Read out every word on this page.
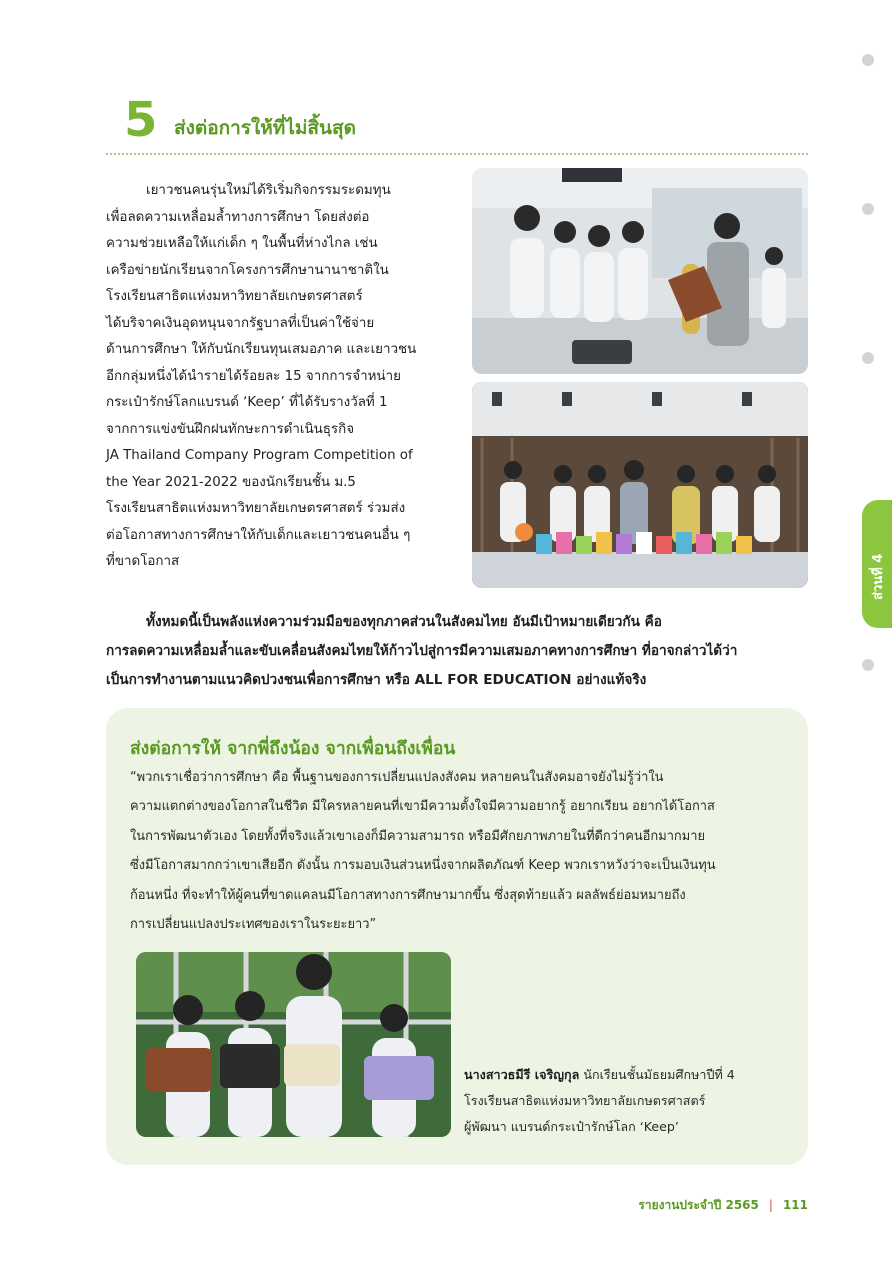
ส่วนที่ 4
5 ส่งต่อการให้ที่ไม่สิ้นสุด
เยาวชนคนรุ่นใหม่ได้ริเริ่มกิจกรรมระดมทุน
เพื่อลดความเหลื่อมล้ำทางการศึกษา โดยส่งต่อ
ความช่วยเหลือให้แก่เด็ก ๆ ในพื้นที่ห่างไกล เช่น
เครือข่ายนักเรียนจากโครงการศึกษานานาชาติใน
โรงเรียนสาธิตแห่งมหาวิทยาลัยเกษตรศาสตร์
ได้บริจาคเงินอุดหนุนจากรัฐบาลที่เป็นค่าใช้จ่าย
ด้านการศึกษา ให้กับนักเรียนทุนเสมอภาค และเยาวชน
อีกกลุ่มหนึ่งได้นำรายได้ร้อยละ 15 จากการจำหน่าย
กระเป๋ารักษ์โลกแบรนด์ ‘Keep’ ที่ได้รับรางวัลที่ 1
จากการแข่งขันฝึกฝนทักษะการดำเนินธุรกิจ
JA Thailand Company Program Competition of
the Year 2021-2022 ของนักเรียนชั้น ม.5
โรงเรียนสาธิตแห่งมหาวิทยาลัยเกษตรศาสตร์ ร่วมส่ง
ต่อโอกาสทางการศึกษาให้กับเด็กและเยาวชนคนอื่น ๆ
ที่ขาดโอกาส
ทั้งหมดนี้เป็นพลังแห่งความร่วมมือของทุกภาคส่วนในสังคมไทย อันมีเป้าหมายเดียวกัน คือ
การลดความเหลื่อมล้ำและขับเคลื่อนสังคมไทยให้ก้าวไปสู่การมีความเสมอภาคทางการศึกษา ที่อาจกล่าวได้ว่า
เป็นการทำงานตามแนวคิดปวงชนเพื่อการศึกษา หรือ ALL FOR EDUCATION อย่างแท้จริง
ส่งต่อการให้ จากพี่ถึงน้อง จากเพื่อนถึงเพื่อน
“พวกเราเชื่อว่าการศึกษา คือ พื้นฐานของการเปลี่ยนแปลงสังคม หลายคนในสังคมอาจยังไม่รู้ว่าใน
ความแตกต่างของโอกาสในชีวิต มีใครหลายคนที่เขามีความตั้งใจมีความอยากรู้ อยากเรียน อยากได้โอกาส
ในการพัฒนาตัวเอง โดยทั้งที่จริงแล้วเขาเองก็มีความสามารถ หรือมีศักยภาพภายในที่ดีกว่าคนอีกมากมาย
ซึ่งมีโอกาสมากกว่าเขาเสียอีก ดังนั้น การมอบเงินส่วนหนึ่งจากผลิตภัณฑ์ Keep พวกเราหวังว่าจะเป็นเงินทุน
ก้อนหนึ่ง ที่จะทำให้ผู้คนที่ขาดแคลนมีโอกาสทางการศึกษามากขึ้น ซึ่งสุดท้ายแล้ว ผลลัพธ์ย่อมหมายถึง
การเปลี่ยนแปลงประเทศของเราในระยะยาว”
นางสาวธมีรี เจริญกุล นักเรียนชั้นมัธยมศึกษาปีที่ 4
โรงเรียนสาธิตแห่งมหาวิทยาลัยเกษตรศาสตร์
ผู้พัฒนา แบรนด์กระเป๋ารักษ์โลก ‘Keep’
รายงานประจำปี 2565 | 111
